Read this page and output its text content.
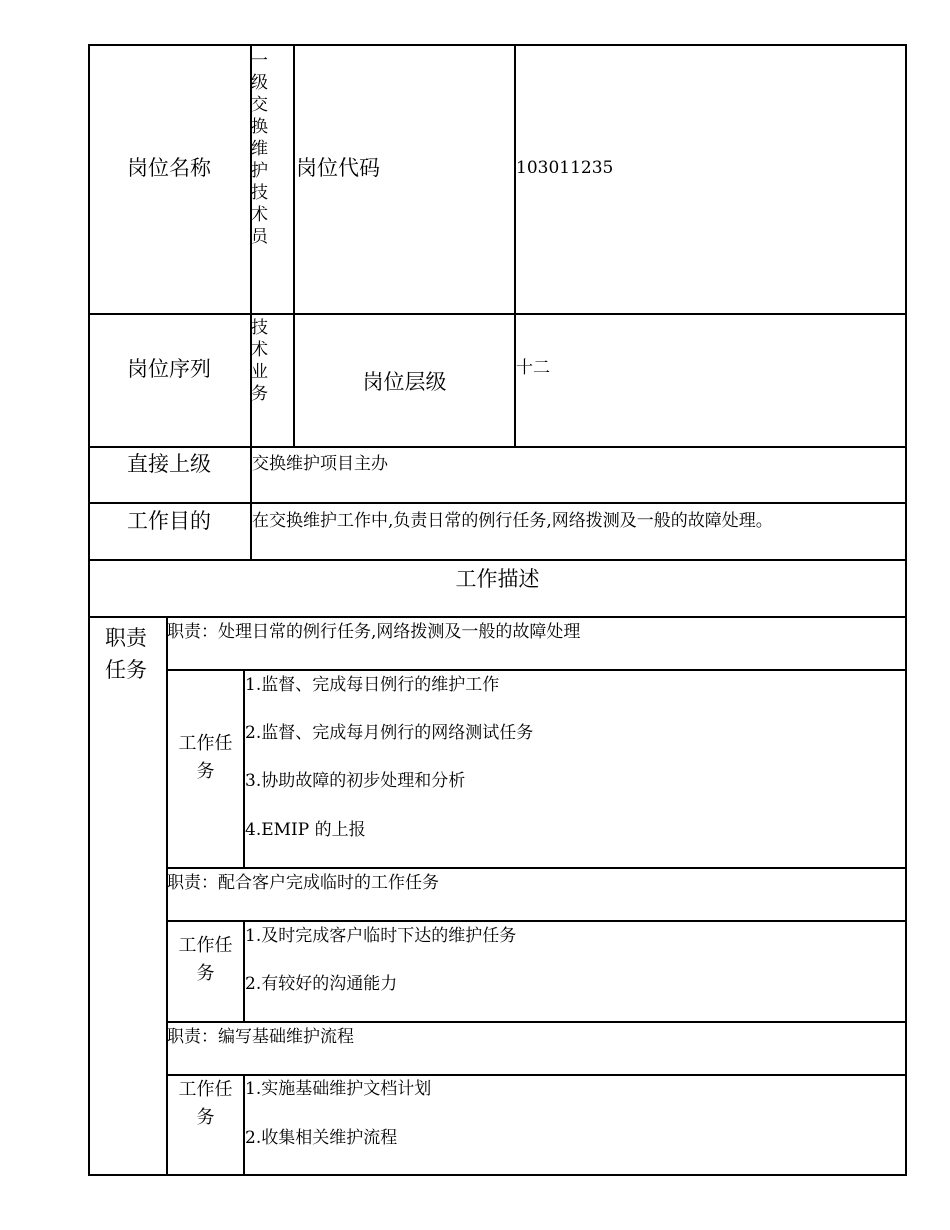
岗位名称
一级交换维护技术员
岗位代码	103011235
岗位序列
技术业务
岗位层级
十二
直接上级 交换维护项目主办
工作目的 在交换维护工作中,负责日常的例行任务,网络拨测及一般的故障处理。
工作描述
职责任务
职责：处理日常的例行任务,网络拨测及一般的故障处理
工作任务
1.监督、完成每日例行的维护工作
2.监督、完成每月例行的网络测试任务
3.协助故障的初步处理和分析
4.EMIP 的上报
职责：配合客户完成临时的工作任务
工作任务
1.及时完成客户临时下达的维护任务
2.有较好的沟通能力
职责：编写基础维护流程
工作任务
1.实施基础维护文档计划
2.收集相关维护流程
